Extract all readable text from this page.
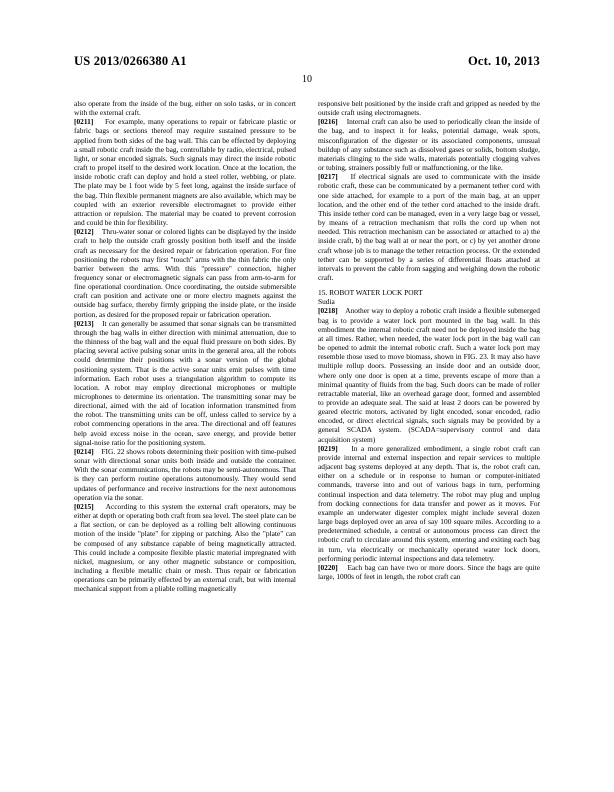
US 2013/0266380 A1	Oct. 10, 2013
10

also operate from the inside of the bug, either on solo tasks, or in concert with the external craft.

[0211] For example, many operations to repair or fabricate plastic or fabric bags or sections thereof may require sustained pressure to be applied from both sides of the bag wall. This can be effected by deploying a small robotic craft inside the bag, controllable by radio, electrical, pulsed light, or sonar encoded signals. Such signals may direct the inside robotic craft to propel itself to the desired work location. Once at the location, the inside robotic craft can deploy and hold a steel roller, webbing, or plate. The plate may be 1 foot wide by 5 feet long, against the inside surface of the bag. Thin flexible permanent magnets are also available, which may be coupled with an exterior reversible electromagnet to provide either attraction or repulsion. The material may be coated to prevent corrosion and could be thin for flexibility.

[0212] Thru-water sonar or colored lights can be displayed by the inside craft to help the outside craft grossly position both itself and the inside craft as necessary for the desired repair or fabrication operation. For fine positioning the robots may first "touch" arms with the thin fabric the only barrier between the arms. With this "pressure" connection, higher frequency sonar or electromagnetic signals can pass from arm-to-arm for fine operational coordination. Once coordinating, the outside submersible craft can position and activate one or more electro magnets against the outside bag surface, thereby firmly gripping the inside plate, or the inside portion, as desired for the proposed repair or fabrication operation.

[0213] It can generally be assumed that sonar signals can be transmitted through the bag walls in either direction with minimal attenuation, due to the thinness of the bag wall and the equal fluid pressure on both sides. By placing several active pulsing sonar units in the general area, all the robots could determine their positions with a sonar version of the global positioning system. That is the active sonar units emit pulses with time information. Each robot uses a triangulation algorithm to compute its location. A robot may employ directional microphones or multiple microphones to determine its orientation. The transmitting sonar may be directional, aimed with the aid of location information transmitted from the robot. The transmitting units can be off, unless called to service by a robot commencing operations in the area. The directional and off features help avoid excess noise in the ocean, save energy, and provide better signal-noise ratio for the positioning system.

[0214] FIG. 22 shows robots determining their position with time-pulsed sonar with directional sonar units both inside and outside the container. With the sonar communications, the robots may be semi-autonomous. That is they can perform routine operations autonomously. They would send updates of performance and receive instructions for the next autonomous operation via the sonar.

[0215] According to this system the external craft operators, may be either at depth or operating both craft from sea level. The steel plate can be a flat section, or can be deployed as a rolling belt allowing continuous motion of the inside "plate" for zipping or patching. Also the "plate" can be composed of any substance capable of being magnetically attracted. This could include a composite flexible plastic material impregnated with nickel, magnesium, or any other magnetic substance or composition, including a flexible metallic chain or mesh. Thus repair or fabrication operations can be primarily effected by an external craft, but with internal mechanical support from a pliable rolling magnetically

responsive belt positioned by the inside craft and gripped as needed by the outside craft using electromagnets.

[0216] Internal craft can also be used to periodically clean the inside of the bag, and to inspect it for leaks, potential damage, weak spots, misconfiguration of the digester or its associated components, unusual buildup of any substance such as dissolved gases or solids, bottom sludge, materials clinging to the side walls, materials potentially clogging valves or tubing, strainers possibly full or malfunctioning, or the like.

[0217] If electrical signals are used to communicate with the inside robotic craft, these can be communicated by a permanent tether cord with one side attached, for example to a port of the main bag, at an upper location, and the other end of the tether cord attached to the inside draft. This inside tether cord can be managed, even in a very large bag or vessel, by means of a retraction mechanism that rolls the cord up when not needed. This retraction mechanism can be associated or attached to a) the inside craft, b) the bag wall at or near the port, or c) by yet another drone craft whose job is to manage the tether retraction process. Or the extended tether can be supported by a series of differential floats attached at intervals to prevent the cable from sagging and weighing down the robotic craft.

15. ROBOT WATER LOCK PORT

Sudia

[0218] Another way to deploy a robotic craft inside a flexible submerged bag is to provide a water lock port mounted in the bag wall. In this embodiment the internal robotic craft need not be deployed inside the bag at all times. Rather, when needed, the water lock port in the bag wall can be opened to admit the internal robotic craft. Such a water lock port may resemble those used to move biomass, shown in FIG. 23. It may also have multiple rollup doors. Possessing an inside door and an outside door, where only one door is open at a time, prevents escape of more than a minimal quantity of fluids from the bag. Such doors can be made of roller retractable material, like an overhead garage door, formed and assembled to provide an adequate seal. The said at least 2 doors can be powered by geared electric motors, activated by light encoded, sonar encoded, radio encoded, or direct electrical signals, such signals may be provided by a general SCADA system. (SCADA=supervisory control and data acquisition system)

[0219] In a more generalized embodiment, a single robot craft can provide internal and external inspection and repair services to multiple adjacent bag systems deployed at any depth. That is, the robot craft can, either on a schedule or in response to human or computer-initiated commands, traverse into and out of various bags in turn, performing continual inspection and data telemetry. The robot may plug and unplug from docking connections for data transfer and power as it moves. For example an underwater digester complex might include several dozen large bags deployed over an area of say 100 square miles. According to a predetermined schedule, a central or autonomous process can direct the robotic craft to circulate around this system, entering and exiting each bag in turn, via electrically or mechanically operated water lock doors, performing periodic internal inspections and data telemetry.

[0220] Each bag can have two or more doors. Since the bags are quite large, 1000s of feet in length, the robot craft can
